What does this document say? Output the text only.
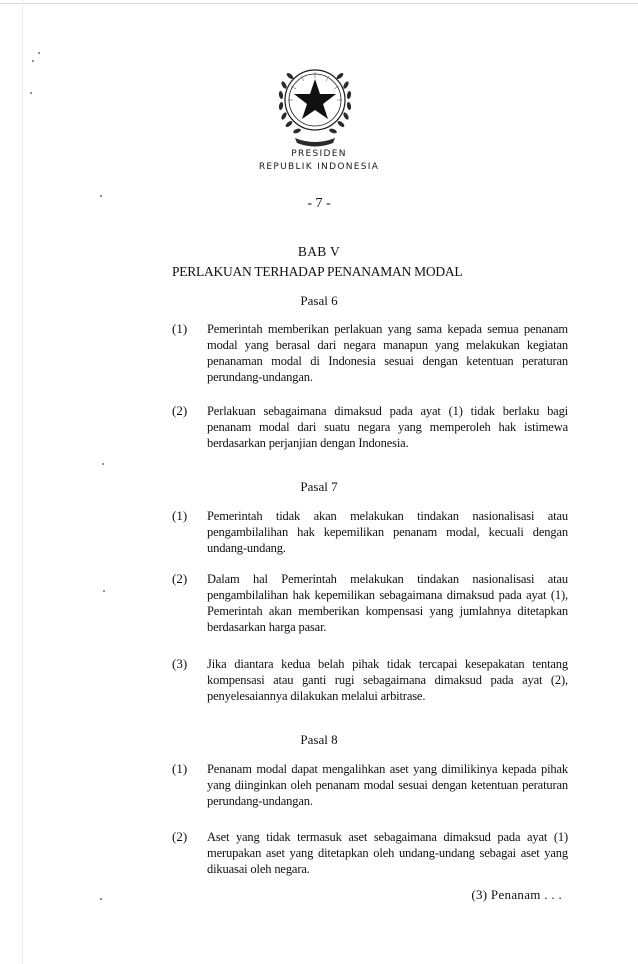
PRESIDEN
REPUBLIK INDONESIA
- 7 -
BAB V
PERLAKUAN TERHADAP PENANAMAN MODAL
Pasal 6
(1) Pemerintah memberikan perlakuan yang sama kepada semua penanam modal yang berasal dari negara manapun yang melakukan kegiatan penanaman modal di Indonesia sesuai dengan ketentuan peraturan perundang-undangan.
(2) Perlakuan sebagaimana dimaksud pada ayat (1) tidak berlaku bagi penanam modal dari suatu negara yang memperoleh hak istimewa berdasarkan perjanjian dengan Indonesia.
Pasal 7
(1) Pemerintah tidak akan melakukan tindakan nasionalisasi atau pengambilalihan hak kepemilikan penanam modal, kecuali dengan undang-undang.
(2) Dalam hal Pemerintah melakukan tindakan nasionalisasi atau pengambilalihan hak kepemilikan sebagaimana dimaksud pada ayat (1), Pemerintah akan memberikan kompensasi yang jumlahnya ditetapkan berdasarkan harga pasar.
(3) Jika diantara kedua belah pihak tidak tercapai kesepakatan tentang kompensasi atau ganti rugi sebagaimana dimaksud pada ayat (2), penyelesaiannya dilakukan melalui arbitrase.
Pasal 8
(1) Penanam modal dapat mengalihkan aset yang dimilikinya kepada pihak yang diinginkan oleh penanam modal sesuai dengan ketentuan peraturan perundang-undangan.
(2) Aset yang tidak termasuk aset sebagaimana dimaksud pada ayat (1) merupakan aset yang ditetapkan oleh undang-undang sebagai aset yang dikuasai oleh negara.
(3) Penanam . . .
